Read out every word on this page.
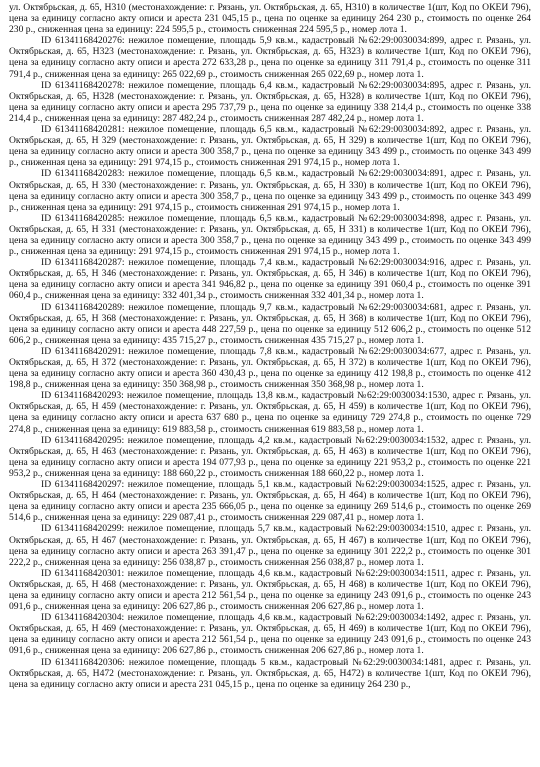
ул. Октябрьская, д. 65, Н310 (местонахождение: г. Рязань, ул. Октябрьская, д. 65, Н310) в количестве 1(шт, Код по ОКЕИ 796), цена за единицу согласно акту описи и ареста 231 045,15 р., цена по оценке за единицу 264 230 р., стоимость по оценке 264 230 р., сниженная цена за единицу: 224 595,5 р., стоимость сниженная 224 595,5 р., номер лота 1.

ID 61341168420276: нежилое помещение, площадь 5,9 кв.м., кадастровый №62:29:0030034:899, адрес г. Рязань, ул. Октябрьская, д. 65, Н323 (местонахождение: г. Рязань, ул. Октябрьская, д. 65, Н323) в количестве 1(шт, Код по ОКЕИ 796), цена за единицу согласно акту описи и ареста 272 633,28 р., цена по оценке за единицу 311 791,4 р., стоимость по оценке 311 791,4 р., сниженная цена за единицу: 265 022,69 р., стоимость сниженная 265 022,69 р., номер лота 1.

ID 61341168420278: нежилое помещение, площадь 6,4 кв.м., кадастровый №62:29:0030034:895, адрес г. Рязань, ул. Октябрьская, д. 65, Н328 (местонахождение: г. Рязань, ул. Октябрьская, д. 65, Н328) в количестве 1(шт, Код по ОКЕИ 796), цена за единицу согласно акту описи и ареста 295 737,79 р., цена по оценке за единицу 338 214,4 р., стоимость по оценке 338 214,4 р., сниженная цена за единицу: 287 482,24 р., стоимость сниженная 287 482,24 р., номер лота 1.

ID 61341168420281: нежилое помещение, площадь 6,5 кв.м., кадастровый №62:29:0030034:892, адрес г. Рязань, ул. Октябрьская, д. 65, Н 329 (местонахождение: г. Рязань, ул. Октябрьская, д. 65, Н 329) в количестве 1(шт, Код по ОКЕИ 796), цена за единицу согласно акту описи и ареста 300 358,7 р., цена по оценке за единицу 343 499 р., стоимость по оценке 343 499 р., сниженная цена за единицу: 291 974,15 р., стоимость сниженная 291 974,15 р., номер лота 1.

ID 61341168420283: нежилое помещение, площадь 6,5 кв.м., кадастровый №62:29:0030034:891, адрес г. Рязань, ул. Октябрьская, д. 65, Н 330 (местонахождение: г. Рязань, ул. Октябрьская, д. 65, Н 330) в количестве 1(шт, Код по ОКЕИ 796), цена за единицу согласно акту описи и ареста 300 358,7 р., цена по оценке за единицу 343 499 р., стоимость по оценке 343 499 р., сниженная цена за единицу: 291 974,15 р., стоимость сниженная 291 974,15 р., номер лота 1.

ID 61341168420285: нежилое помещение, площадь 6,5 кв.м., кадастровый №62:29:0030034:898, адрес г. Рязань, ул. Октябрьская, д. 65, Н 331 (местонахождение: г. Рязань, ул. Октябрьская, д. 65, Н 331) в количестве 1(шт, Код по ОКЕИ 796), цена за единицу согласно акту описи и ареста 300 358,7 р., цена по оценке за единицу 343 499 р., стоимость по оценке 343 499 р., сниженная цена за единицу: 291 974,15 р., стоимость сниженная 291 974,15 р., номер лота 1.

ID 61341168420287: нежилое помещение, площадь 7,4 кв.м., кадастровый №62:29:0030034:916, адрес г. Рязань, ул. Октябрьская, д. 65, Н 346 (местонахождение: г. Рязань, ул. Октябрьская, д. 65, Н 346) в количестве 1(шт, Код по ОКЕИ 796), цена за единицу согласно акту описи и ареста 341 946,82 р., цена по оценке за единицу 391 060,4 р., стоимость по оценке 391 060,4 р., сниженная цена за единицу: 332 401,34 р., стоимость сниженная 332 401,34 р., номер лота 1.

ID 61341168420289: нежилое помещение, площадь 9,7 кв.м., кадастровый №62:29:0030034:681, адрес г. Рязань, ул. Октябрьская, д. 65, Н 368 (местонахождение: г. Рязань, ул. Октябрьская, д. 65, Н 368) в количестве 1(шт, Код по ОКЕИ 796), цена за единицу согласно акту описи и ареста 448 227,59 р., цена по оценке за единицу 512 606,2 р., стоимость по оценке 512 606,2 р., сниженная цена за единицу: 435 715,27 р., стоимость сниженная 435 715,27 р., номер лота 1.

ID 61341168420291: нежилое помещение, площадь 7,8 кв.м., кадастровый №62:29:0030034:677, адрес г. Рязань, ул. Октябрьская, д. 65, Н 372 (местонахождение: г. Рязань, ул. Октябрьская, д. 65, Н 372) в количестве 1(шт, Код по ОКЕИ 796), цена за единицу согласно акту описи и ареста 360 430,43 р., цена по оценке за единицу 412 198,8 р., стоимость по оценке 412 198,8 р., сниженная цена за единицу: 350 368,98 р., стоимость сниженная 350 368,98 р., номер лота 1.

ID 61341168420293: нежилое помещение, площадь 13,8 кв.м., кадастровый №62:29:0030034:1530, адрес г. Рязань, ул. Октябрьская, д. 65, Н 459 (местонахождение: г. Рязань, ул. Октябрьская, д. 65, Н 459) в количестве 1(шт, Код по ОКЕИ 796), цена за единицу согласно акту описи и ареста 637 680 р., цена по оценке за единицу 729 274,8 р., стоимость по оценке 729 274,8 р., сниженная цена за единицу: 619 883,58 р., стоимость сниженная 619 883,58 р., номер лота 1.

ID 61341168420295: нежилое помещение, площадь 4,2 кв.м., кадастровый №62:29:0030034:1532, адрес г. Рязань, ул. Октябрьская, д. 65, Н 463 (местонахождение: г. Рязань, ул. Октябрьская, д. 65, Н 463) в количестве 1(шт, Код по ОКЕИ 796), цена за единицу согласно акту описи и ареста 194 077,93 р., цена по оценке за единицу 221 953,2 р., стоимость по оценке 221 953,2 р., сниженная цена за единицу: 188 660,22 р., стоимость сниженная 188 660,22 р., номер лота 1.

ID 61341168420297: нежилое помещение, площадь 5,1 кв.м., кадастровый №62:29:0030034:1525, адрес г. Рязань, ул. Октябрьская, д. 65, Н 464 (местонахождение: г. Рязань, ул. Октябрьская, д. 65, Н 464) в количестве 1(шт, Код по ОКЕИ 796), цена за единицу согласно акту описи и ареста 235 666,05 р., цена по оценке за единицу 269 514,6 р., стоимость по оценке 269 514,6 р., сниженная цена за единицу: 229 087,41 р., стоимость сниженная 229 087,41 р., номер лота 1.

ID 61341168420299: нежилое помещение, площадь 5,7 кв.м., кадастровый №62:29:0030034:1510, адрес г. Рязань, ул. Октябрьская, д. 65, Н 467 (местонахождение: г. Рязань, ул. Октябрьская, д. 65, Н 467) в количестве 1(шт, Код по ОКЕИ 796), цена за единицу согласно акту описи и ареста 263 391,47 р., цена по оценке за единицу 301 222,2 р., стоимость по оценке 301 222,2 р., сниженная цена за единицу: 256 038,87 р., стоимость сниженная 256 038,87 р., номер лота 1.

ID 61341168420301: нежилое помещение, площадь 4,6 кв.м., кадастровый №62:29:0030034:1511, адрес г. Рязань, ул. Октябрьская, д. 65, Н 468 (местонахождение: г. Рязань, ул. Октябрьская, д. 65, Н 468) в количестве 1(шт, Код по ОКЕИ 796), цена за единицу согласно акту описи и ареста 212 561,54 р., цена по оценке за единицу 243 091,6 р., стоимость по оценке 243 091,6 р., сниженная цена за единицу: 206 627,86 р., стоимость сниженная 206 627,86 р., номер лота 1.

ID 61341168420304: нежилое помещение, площадь 4,6 кв.м., кадастровый №62:29:0030034:1492, адрес г. Рязань, ул. Октябрьская, д. 65, Н 469 (местонахождение: г. Рязань, ул. Октябрьская, д. 65, Н 469) в количестве 1(шт, Код по ОКЕИ 796), цена за единицу согласно акту описи и ареста 212 561,54 р., цена по оценке за единицу 243 091,6 р., стоимость по оценке 243 091,6 р., сниженная цена за единицу: 206 627,86 р., стоимость сниженная 206 627,86 р., номер лота 1.

ID 61341168420306: нежилое помещение, площадь 5 кв.м., кадастровый №62:29:0030034:1481, адрес г. Рязань, ул. Октябрьская, д. 65, Н472 (местонахождение: г. Рязань, ул. Октябрьская, д. 65, Н472) в количестве 1(шт, Код по ОКЕИ 796), цена за единицу согласно акту описи и ареста 231 045,15 р., цена по оценке за единицу 264 230 р.,
